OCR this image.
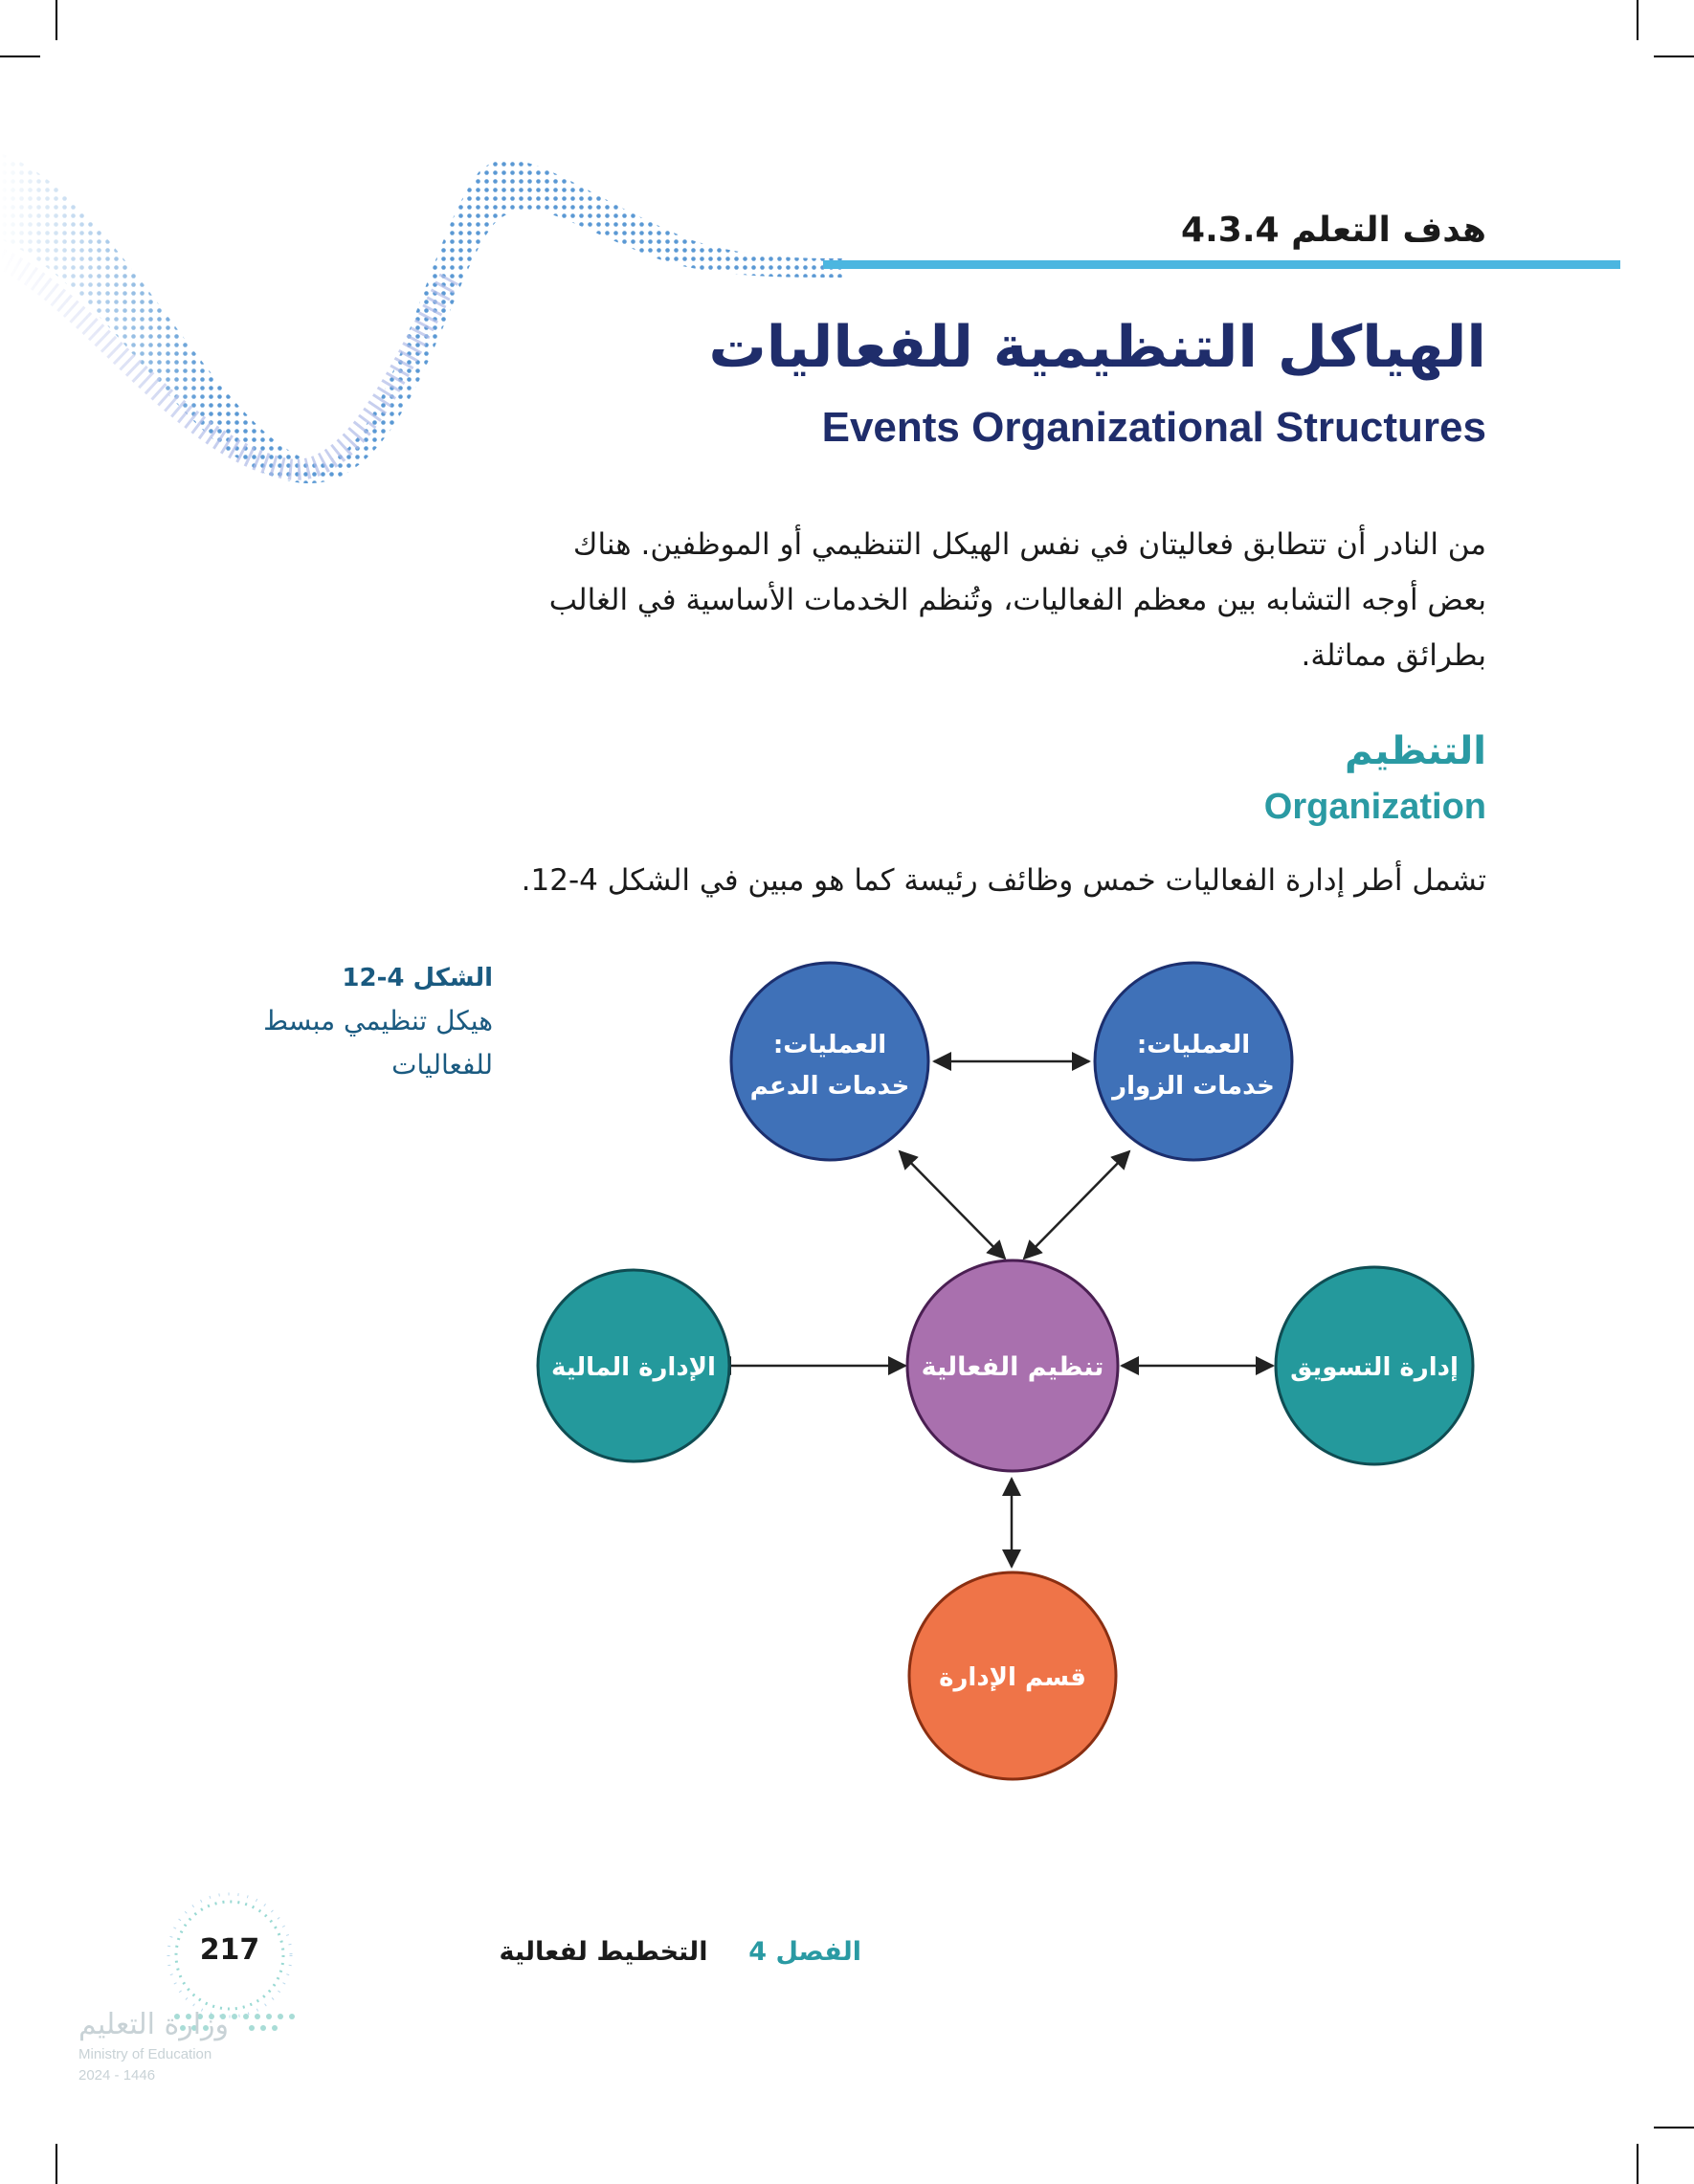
هدف التعلم 4.3.4
الهياكل التنظيمية للفعاليات
Events Organizational Structures
من النادر أن تتطابق فعاليتان في نفس الهيكل التنظيمي أو الموظفين. هناك بعض أوجه التشابه بين معظم الفعاليات، وتُنظم الخدمات الأساسية في الغالب بطرائق مماثلة.
التنظيم
Organization
تشمل أطر إدارة الفعاليات خمس وظائف رئيسة كما هو مبين في الشكل 4-12.
الشكل 4-12
هيكل تنظيمي مبسط
للفعاليات
العمليات:
خدمات الدعم
العمليات:
خدمات الزوار
تنظيم الفعالية
الإدارة المالية	إدارة التسويق
قسم الإدارة
الفصل 4  التخطيط لفعالية
217
وزارة التعليم
Ministry of Education
2024 - 1446
